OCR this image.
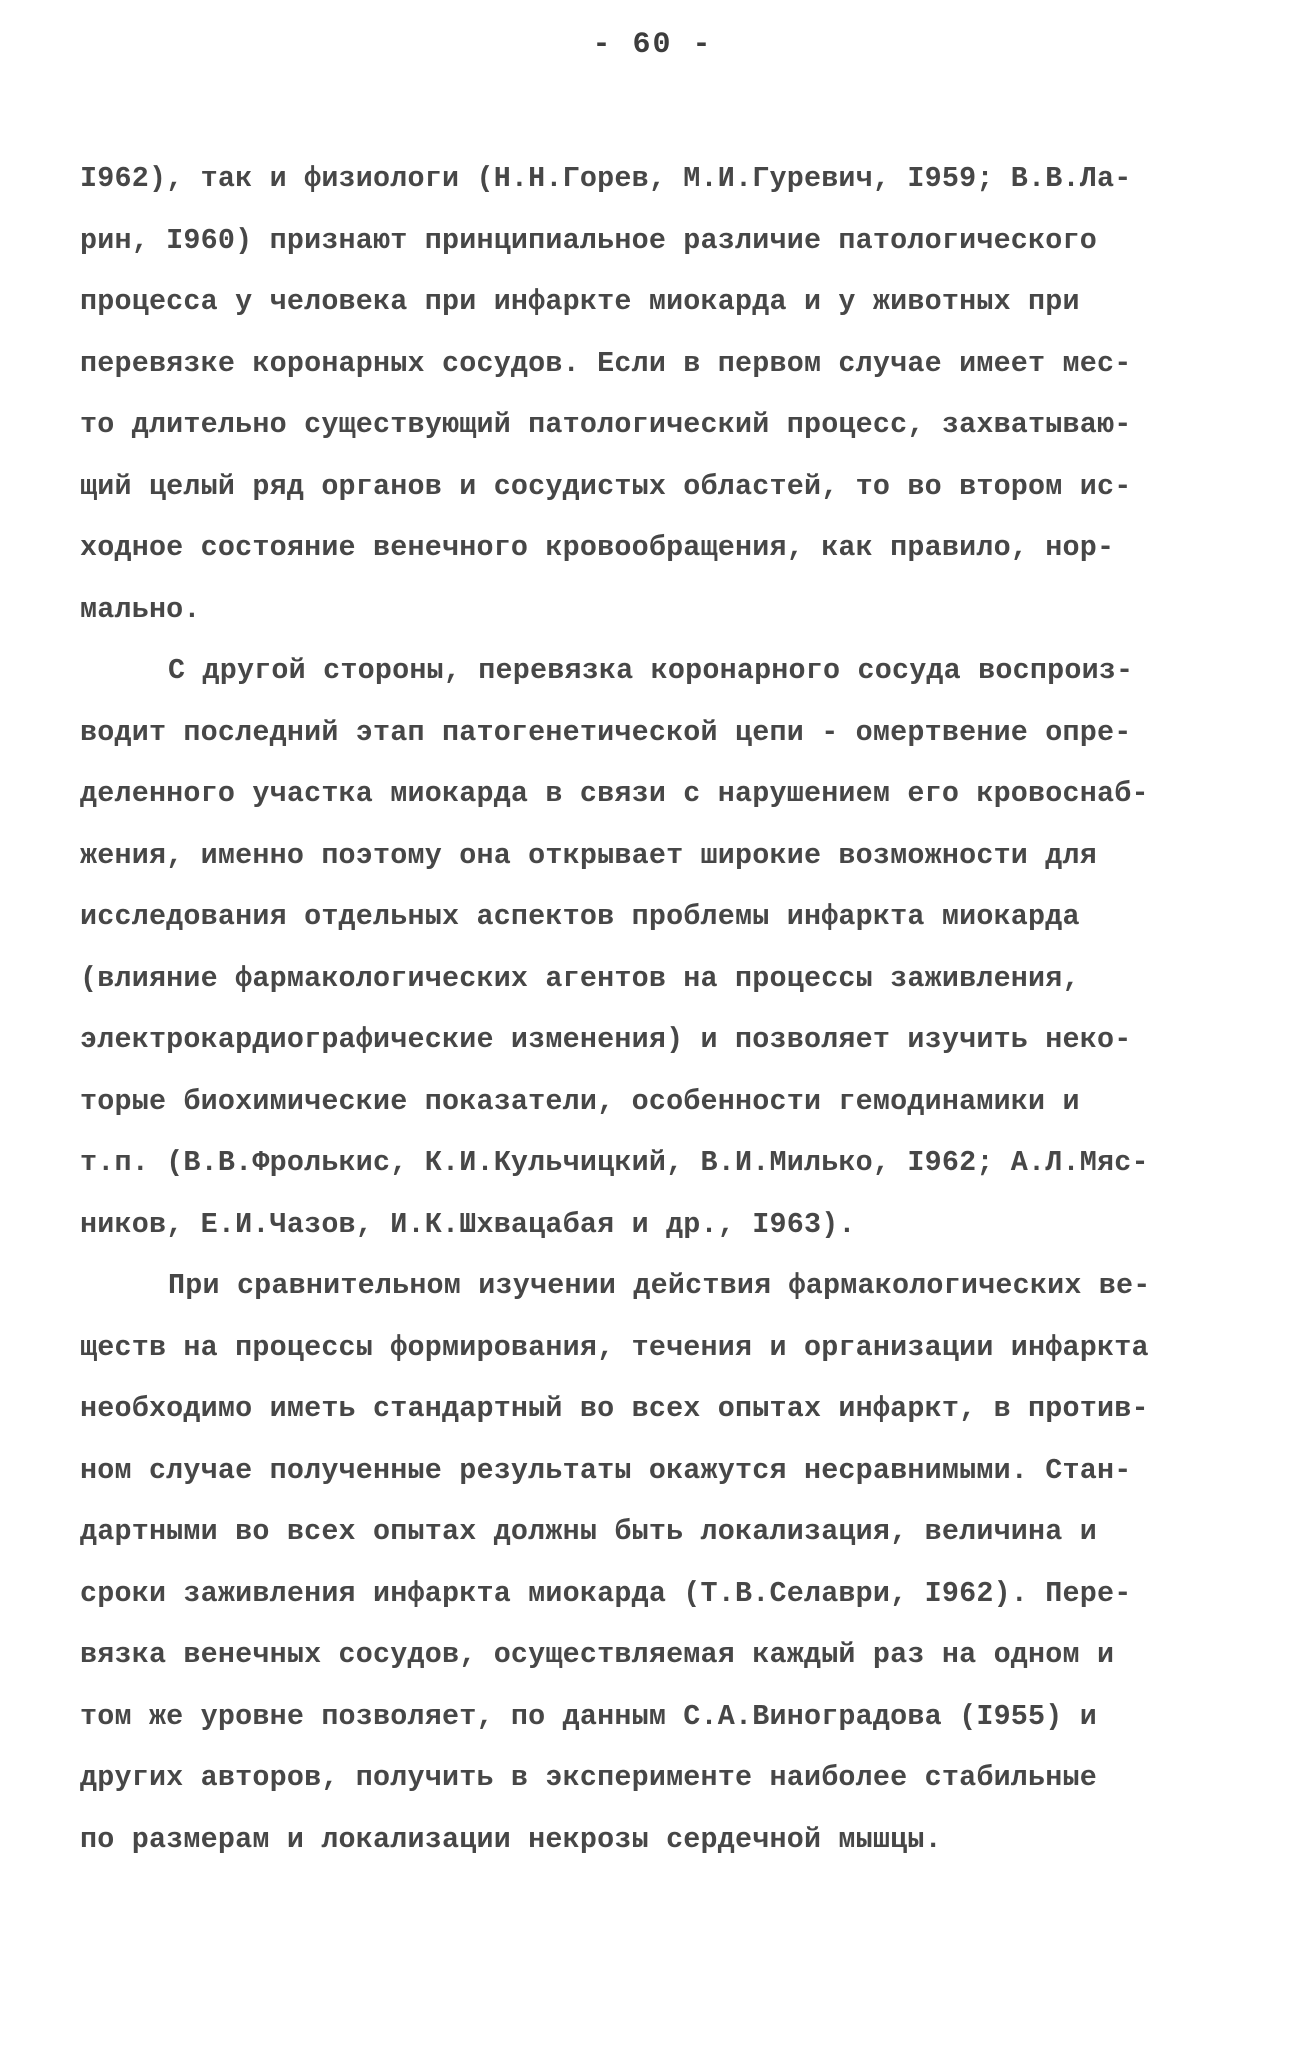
- 60 -
I962), так и физиологи (Н.Н.Горев, М.И.Гуревич, I959; В.В.Ла-
рин, I960) признают принципиальное различие патологического
процесса у человека при инфаркте миокарда и у животных при
перевязке коронарных сосудов. Если в первом случае имеет мес-
то длительно существующий патологический процесс, захватываю-
щий целый ряд органов и сосудистых областей, то во втором ис-
ходное состояние венечного кровообращения, как правило, нор-
мально.
С другой стороны, перевязка коронарного сосуда воспроиз-
водит последний этап патогенетической цепи - омертвение опре-
деленного участка миокарда в связи с нарушением его кровоснаб-
жения, именно поэтому она открывает широкие возможности для
исследования отдельных аспектов проблемы инфаркта миокарда
(влияние фармакологических агентов на процессы заживления,
электрокардиографические изменения) и позволяет изучить неко-
торые биохимические показатели, особенности гемодинамики и
т.п. (В.В.Фролькис, К.И.Кульчицкий, В.И.Милько, I962; А.Л.Мяс-
ников, Е.И.Чазов, И.К.Шхвацабая и др., I963).
При сравнительном изучении действия фармакологических ве-
ществ на процессы формирования, течения и организации инфаркта
необходимо иметь стандартный во всех опытах инфаркт, в против-
ном случае полученные результаты окажутся несравнимыми. Стан-
дартными во всех опытах должны быть локализация, величина и
сроки заживления инфаркта миокарда (Т.В.Селаври, I962). Пере-
вязка венечных сосудов, осуществляемая каждый раз на одном и
том же уровне позволяет, по данным С.А.Виноградова (I955) и
других авторов, получить в эксперименте наиболее стабильные
по размерам и локализации некрозы сердечной мышцы.
